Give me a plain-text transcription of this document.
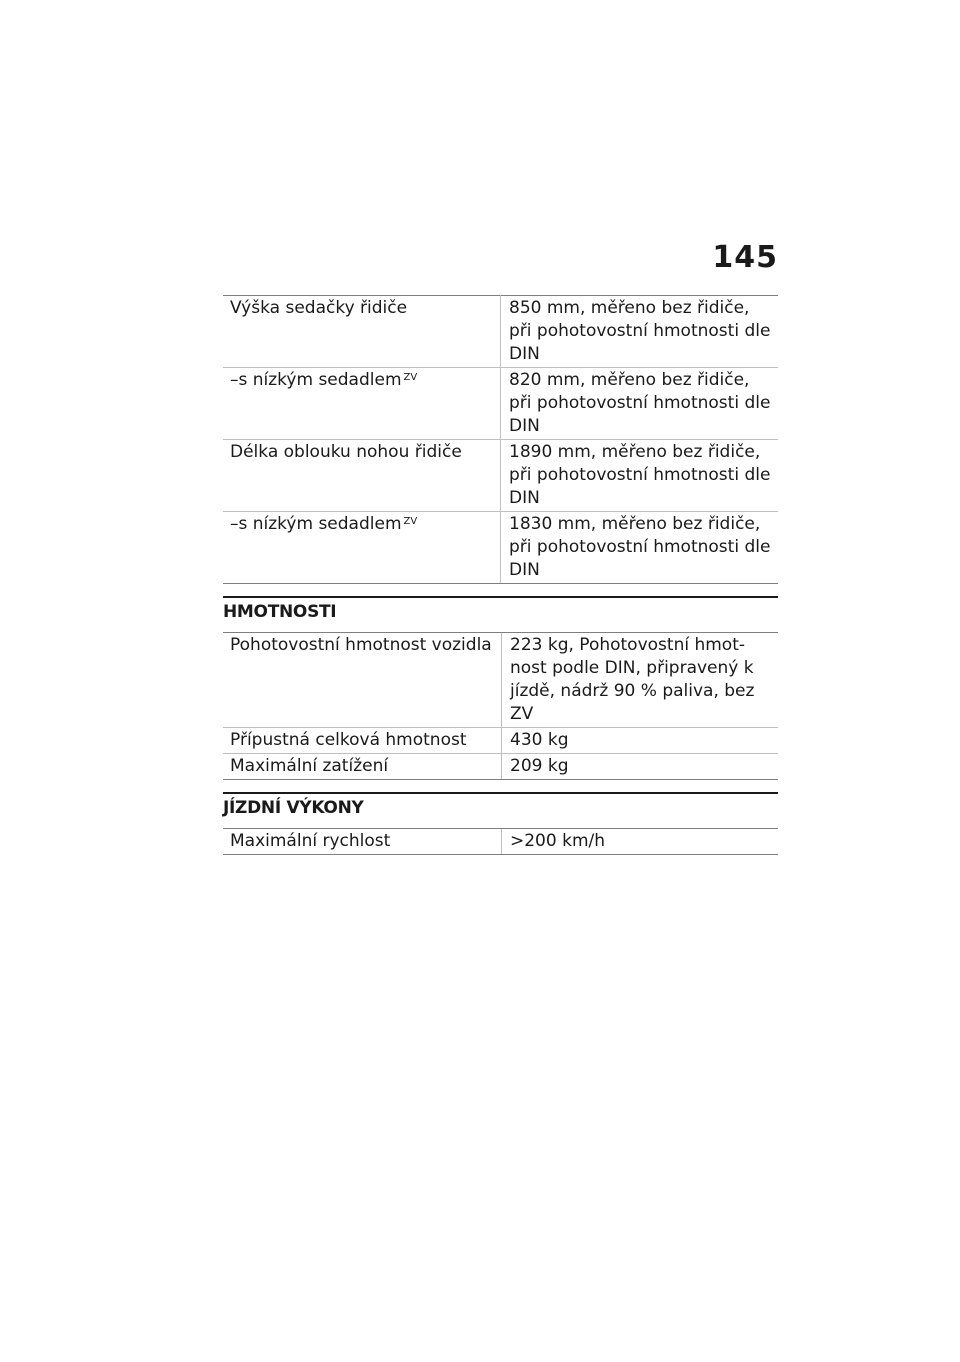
145
Výška sedačky řidiče	850 mm, měřeno bez řidiče, při pohotovostní hmotnosti dle DIN

–s nízkým sedadlem $^{ZV}$	820 mm, měřeno bez řidiče, při pohotovostní hmotnosti dle DIN

Délka oblouku nohou řidiče	1890 mm, měřeno bez řidiče, při pohotovostní hmotnosti dle DIN

–s nízkým sedadlem $^{ZV}$	1830 mm, měřeno bez řidiče, při pohotovostní hmotnosti dle DIN
HMOTNOSTI
Pohotovostní hmotnost vozidla	223 kg, Pohotovostní hmot-nost podle DIN, připravený k jízdě, nádrž 90 % paliva, bez ZV

Přípustná celková hmotnost	430 kg
Maximální zatížení	209 kg
JÍZDNÍ VÝKONY
Maximální rychlost	>200 km/h
